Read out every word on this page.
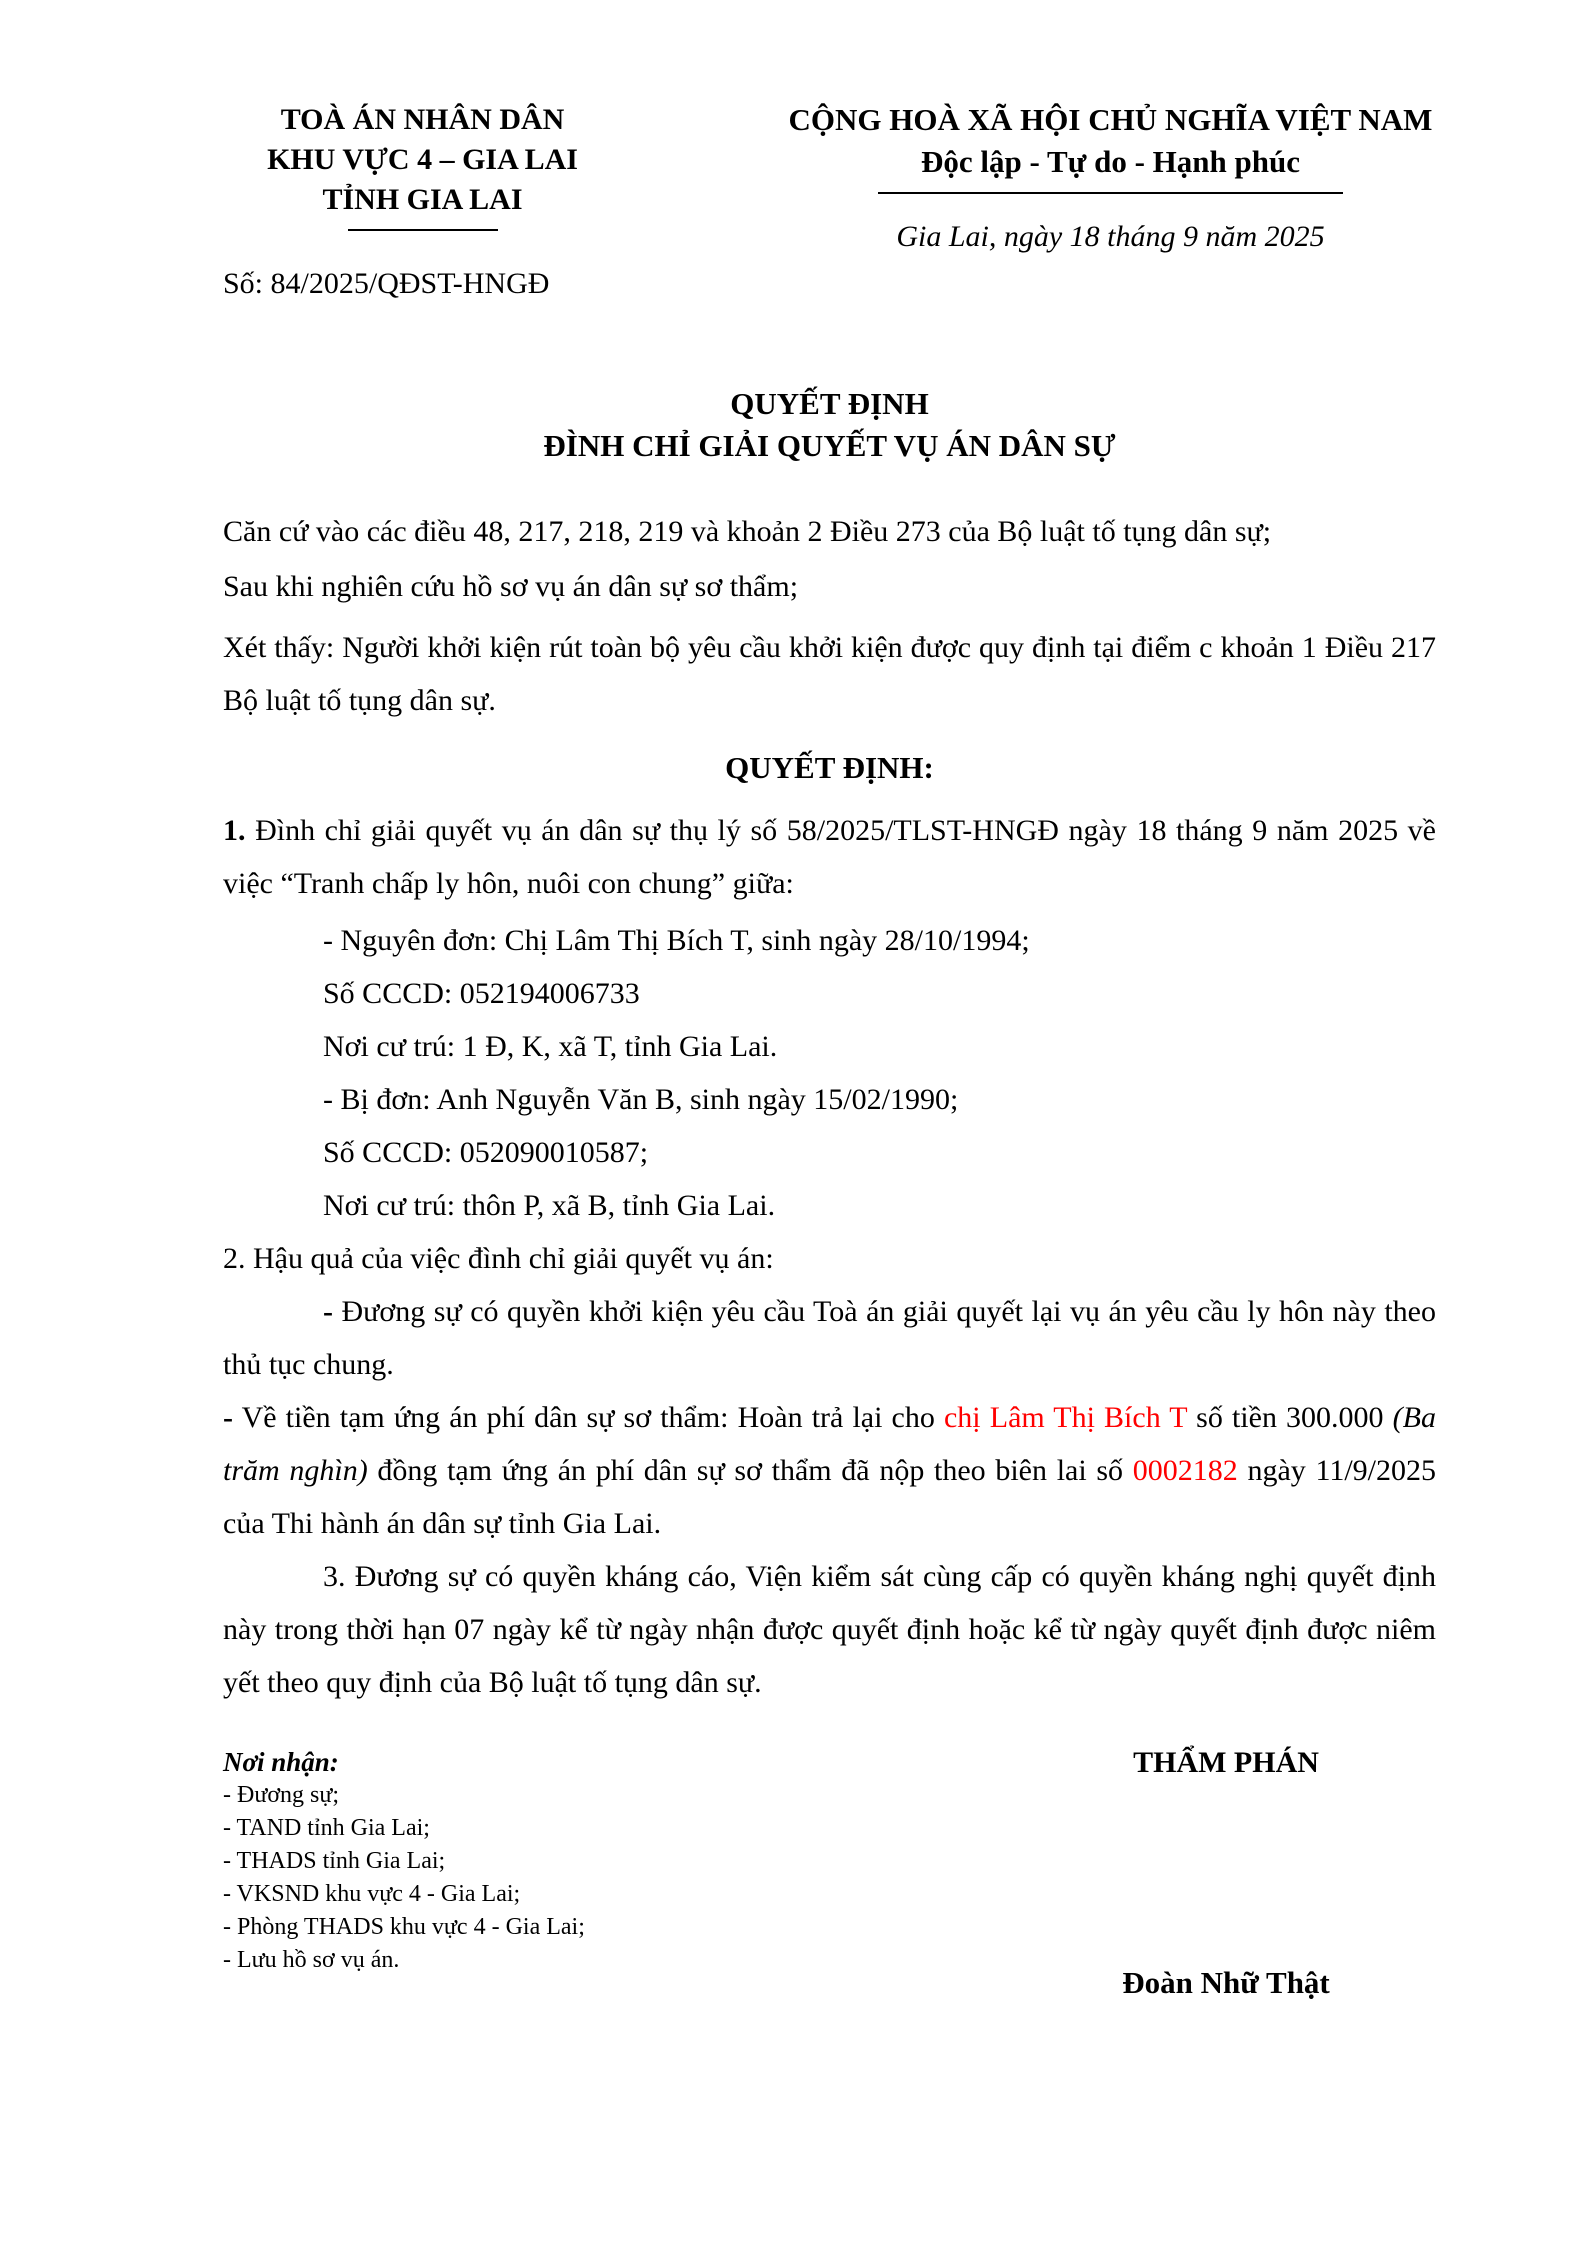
TOÀ ÁN NHÂN DÂN
KHU VỰC 4 – GIA LAI
TỈNH GIA LAI
Số: 84/2025/QĐST-HNGĐ
CỘNG HOÀ XÃ HỘI CHỦ NGHĨA VIỆT NAM
Độc lập - Tự do - Hạnh phúc
Gia Lai, ngày 18 tháng 9 năm 2025
QUYẾT ĐỊNH
ĐÌNH CHỈ GIẢI QUYẾT VỤ ÁN DÂN SỰ

Căn cứ vào các điều 48, 217, 218, 219 và khoản 2 Điều 273 của Bộ luật tố tụng dân sự;

Sau khi nghiên cứu hồ sơ vụ án dân sự sơ thẩm;

Xét thấy: Người khởi kiện rút toàn bộ yêu cầu khởi kiện được quy định tại điểm c khoản 1 Điều 217 Bộ luật tố tụng dân sự.

QUYẾT ĐỊNH:

1. Đình chỉ giải quyết vụ án dân sự thụ lý số 58/2025/TLST-HNGĐ ngày 18 tháng 9 năm 2025 về việc “Tranh chấp ly hôn, nuôi con chung” giữa:

- Nguyên đơn: Chị Lâm Thị Bích T, sinh ngày 28/10/1994;

Số CCCD: 052194006733

Nơi cư trú: 1 Đ, K, xã T, tỉnh Gia Lai.

- Bị đơn: Anh Nguyễn Văn B, sinh ngày 15/02/1990;

Số CCCD: 052090010587;

Nơi cư trú: thôn P, xã B, tỉnh Gia Lai.

2. Hậu quả của việc đình chỉ giải quyết vụ án:

- Đương sự có quyền khởi kiện yêu cầu Toà án giải quyết lại vụ án yêu cầu ly hôn này theo thủ tục chung.

- Về tiền tạm ứng án phí dân sự sơ thẩm: Hoàn trả lại cho chị Lâm Thị Bích T số tiền 300.000 (Ba trăm nghìn) đồng tạm ứng án phí dân sự sơ thẩm đã nộp theo biên lai số 0002182 ngày 11/9/2025 của Thi hành án dân sự tỉnh Gia Lai.

3. Đương sự có quyền kháng cáo, Viện kiểm sát cùng cấp có quyền kháng nghị quyết định này trong thời hạn 07 ngày kể từ ngày nhận được quyết định hoặc kể từ ngày quyết định được niêm yết theo quy định của Bộ luật tố tụng dân sự.

Nơi nhận:

- Đương sự;

- TAND tỉnh Gia Lai;

- THADS tỉnh Gia Lai;

- VKSND khu vực 4 - Gia Lai;

- Phòng THADS khu vực 4 - Gia Lai;

- Lưu hồ sơ vụ án.

THẨM PHÁN
Đoàn Nhữ Thật
